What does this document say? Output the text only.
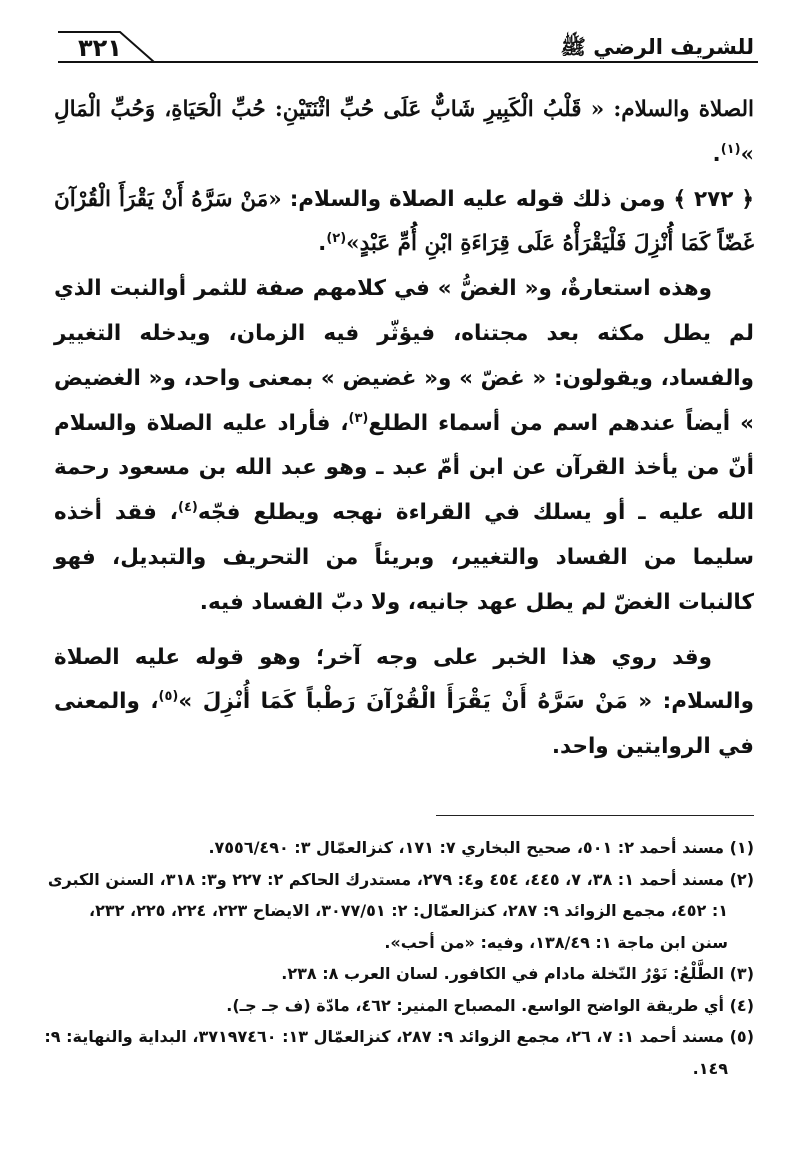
للشريف الرضي ﷺ
٣٢١

الصلاة والسلام: « قَلْبُ الْكَبِيرِ شَابٌّ عَلَى حُبِّ اثْنَتَيْنِ: حُبِّ الْحَيَاةِ، وَحُبِّ الْمَالِ »$^{(١)}$.

﴿ ٢٧٢ ﴾ ومن ذلك قوله عليه الصلاة والسلام: «مَنْ سَرَّهُ أَنْ يَقْرَأَ الْقُرْآنَ غَضّاً كَمَا أُنْزِلَ فَلْيَقْرَأْهُ عَلَى قِرَاءَةِ ابْنِ أُمِّ عَبْدٍ»$^{(٢)}$.

وهذه استعارةٌ، و« الغضُّ » في كلامهم صفة للثمر أوالنبت الذي لم يطل مكثه بعد مجتناه، فيؤثّر فيه الزمان، ويدخله التغيير والفساد، ويقولون: « غضّ » و« غضيض » بمعنى واحد، و« الغضيض » أيضاً عندهم اسم من أسماء الطلع$^{(٣)}$، فأراد عليه الصلاة والسلام أنّ من يأخذ القرآن عن ابن أمّ عبد ـ وهو عبد الله بن مسعود رحمة الله عليه ـ أو يسلك في القراءة نهجه ويطلع فجّه$^{(٤)}$، فقد أخذه سليما من الفساد والتغيير، وبريئاً من التحريف والتبديل، فهو كالنبات الغضّ لم يطل عهد جانيه، ولا دبّ الفساد فيه.

وقد روي هذا الخبر على وجه آخر؛ وهو قوله عليه الصلاة والسلام: « مَنْ سَرَّهُ أَنْ يَقْرَأَ الْقُرْآنَ رَطْباً كَمَا أُنْزِلَ »$^{(٥)}$، والمعنى في الروايتين واحد.

(١) مسند أحمد ٢: ٥٠١، صحيح البخاري ٧: ١٧١، كنزالعمّال ٣: ٧٥٥٦/٤٩٠.

(٢) مسند أحمد ١: ٣٨، ٧، ٤٤٥، ٤٥٤ و٤: ٢٧٩، مستدرك الحاكم ٢: ٢٢٧ و٣: ٣١٨، السنن الكبرى

١: ٤٥٢، مجمع الزوائد ٩: ٢٨٧، كنزالعمّال: ٢: ٣٠٧٧/٥١، الايضاح ٢٢٣، ٢٢٤، ٢٢٥، ٢٣٢،

سنن ابن ماجة ١: ١٣٨/٤٩، وفيه: «من أحب».

(٣) الطَّلْعُ: نَوْرُ النّخلة مادام في الكافور. لسان العرب ٨: ٢٣٨.

(٤) أي طريقة الواضح الواسع. المصباح المنير: ٤٦٢، مادّة (ف جـ جـ).

(٥) مسند أحمد ١: ٧، ٢٦، مجمع الزوائد ٩: ٢٨٧، كنزالعمّال ١٣: ٣٧١٩٧٤٦٠، البداية والنهاية: ٩:

١٤٩.
